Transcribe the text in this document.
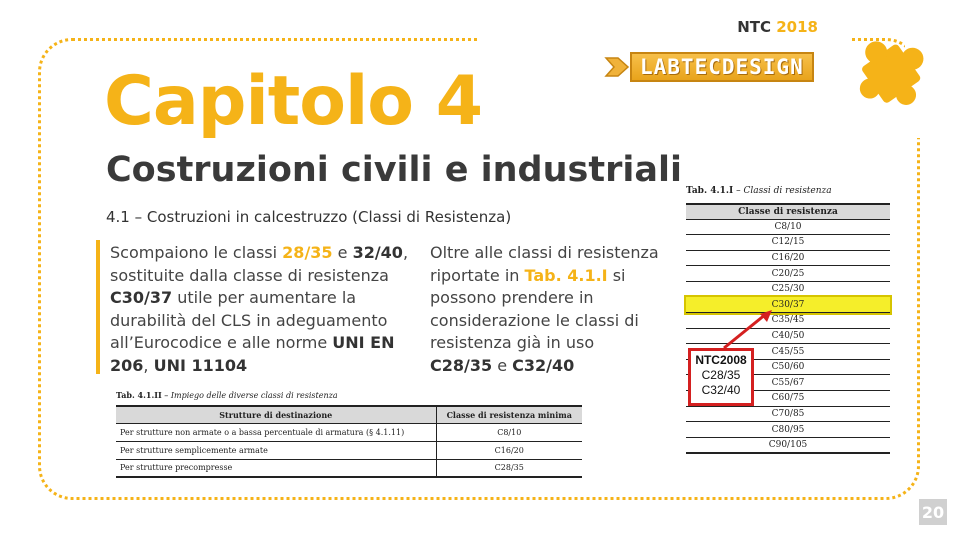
NTC 2018
LABTECDESIGN
Capitolo 4
Costruzioni civili e industriali
4.1 – Costruzioni in calcestruzzo (Classi di Resistenza)
Scompaiono le classi 28/35 e 32/40, sostituite dalla classe di resistenza C30/37 utile per aumentare la durabilità del CLS in adeguamento all’Eurocodice e alle norme UNI EN 206, UNI 11104
Oltre alle classi di resistenza riportate in Tab. 4.1.I si possono prendere in considerazione le classi di resistenza già in uso C28/35 e C32/40
Tab. 4.1.II – Impiego delle diverse classi di resistenza
Strutture di destinazione	Classe di resistenza minima
Per strutture non armate o a bassa percentuale di armatura (§ 4.1.11)	C8/10
Per strutture semplicemente armate	C16/20
Per strutture precompresse	C28/35
Tab. 4.1.I – Classi di resistenza
Classe di resistenza
C8/10
C12/15
C16/20
C20/25
C25/30
C30/37
C35/45
C40/50
C45/55
C50/60
C55/67
C60/75
C70/85
C80/95
C90/105
NTC2008
C28/35
C32/40
20
